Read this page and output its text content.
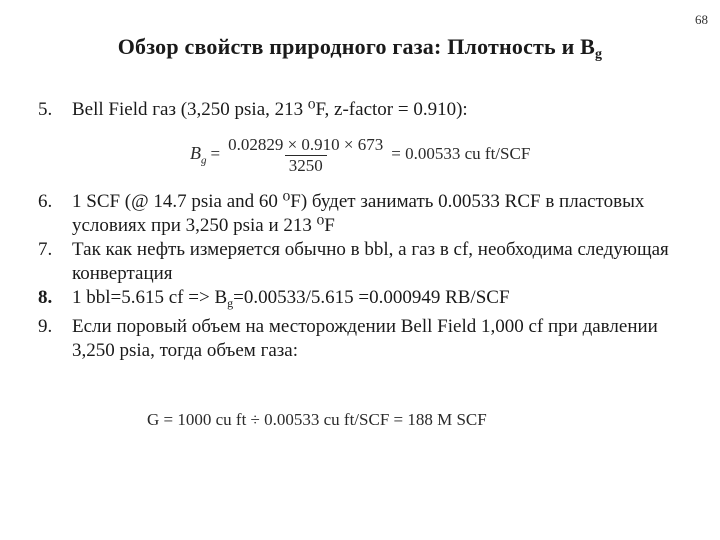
68
Обзор свойств природного газа: Плотность и $B_g$
5.	Bell Field газ (3,250 psia, 213 ⁰F, z-factor = 0.910):
$B_g = \frac{0.02829 \times 0.910 \times 673}{3250} = 0.00533$ cu ft/SCF
6.	1 SCF (@ 14.7 psia and 60 ⁰F) будет занимать 0.00533 RCF в пластовых условиях при 3,250 psia и 213 ⁰F
7.	Так как нефть измеряется обычно в bbl, а газ в cf, необходима следующая конвертация
8.	1 bbl=5.615 cf => $B_g=0.00533/5.615 =0.000949$ RB/SCF
9.	Если поровый объем на месторождении Bell Field 1,000 cf при давлении 3,250 psia, тогда объем газа:
G = 1000 cu ft ÷ 0.00533 cu ft/SCF = 188 M SCF
